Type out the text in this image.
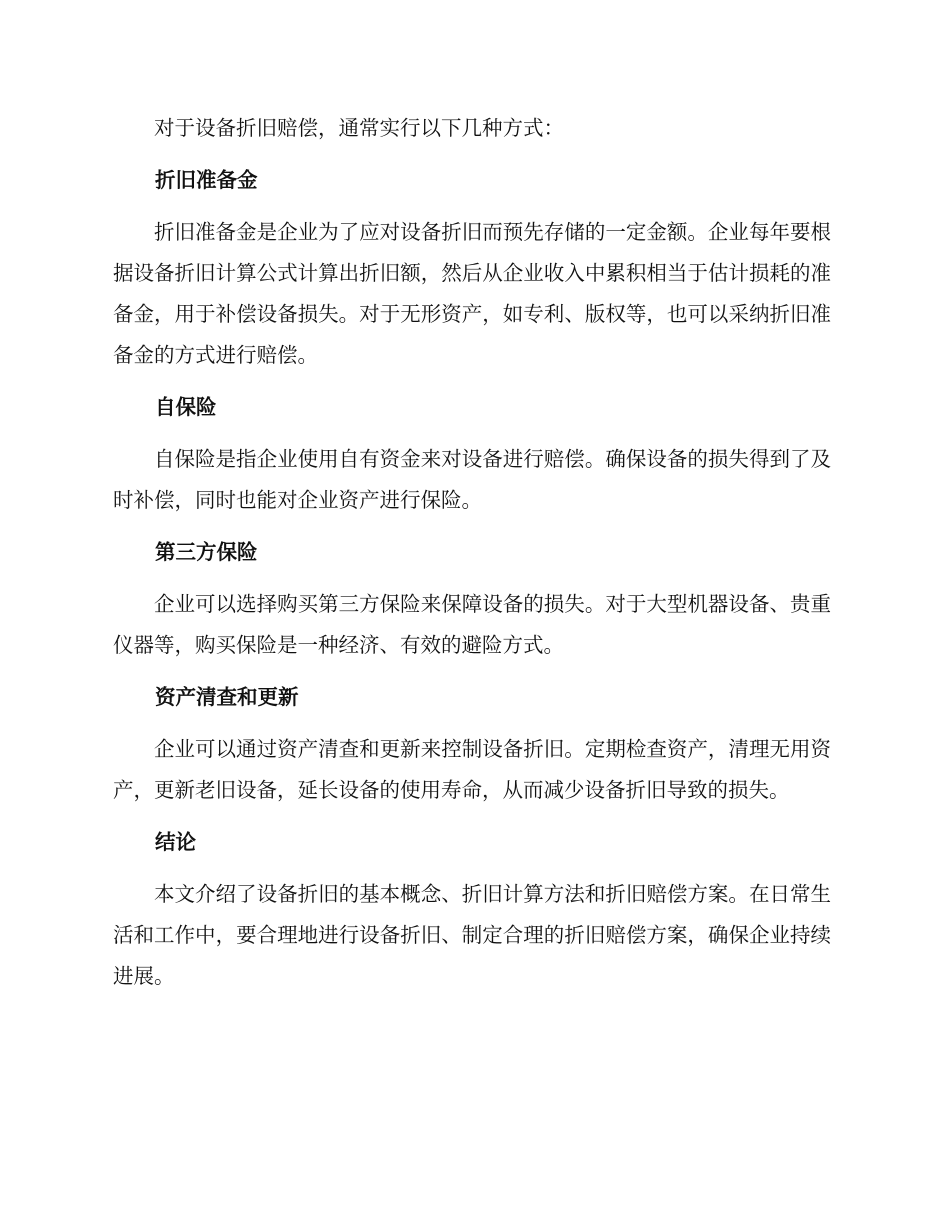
对于设备折旧赔偿，通常实行以下几种方式：

折旧准备金

折旧准备金是企业为了应对设备折旧而预先存储的一定金额。企业每年要根据设备折旧计算公式计算出折旧额，然后从企业收入中累积相当于估计损耗的准备金，用于补偿设备损失。对于无形资产，如专利、版权等，也可以采纳折旧准备金的方式进行赔偿。

自保险

自保险是指企业使用自有资金来对设备进行赔偿。确保设备的损失得到了及时补偿，同时也能对企业资产进行保险。

第三方保险

企业可以选择购买第三方保险来保障设备的损失。对于大型机器设备、贵重仪器等，购买保险是一种经济、有效的避险方式。

资产清查和更新

企业可以通过资产清查和更新来控制设备折旧。定期检查资产，清理无用资产，更新老旧设备，延长设备的使用寿命，从而减少设备折旧导致的损失。

结论

本文介绍了设备折旧的基本概念、折旧计算方法和折旧赔偿方案。在日常生活和工作中，要合理地进行设备折旧、制定合理的折旧赔偿方案，确保企业持续进展。
